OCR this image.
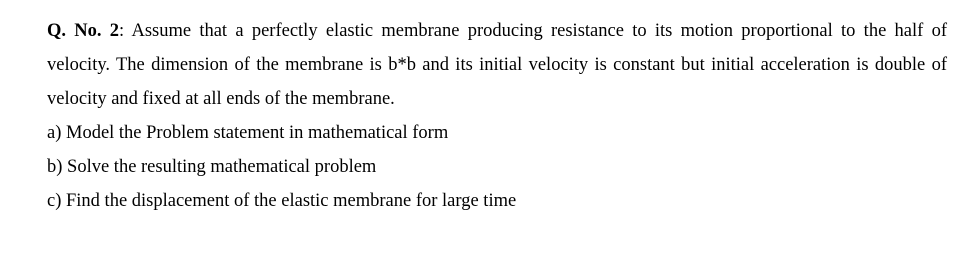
Q. No. 2: Assume that a perfectly elastic membrane producing resistance to its motion proportional to the half of velocity. The dimension of the membrane is b*b and its initial velocity is constant but initial acceleration is double of velocity and fixed at all ends of the membrane.

a) Model the Problem statement in mathematical form

b) Solve the resulting mathematical problem

c) Find the displacement of the elastic membrane for large time
